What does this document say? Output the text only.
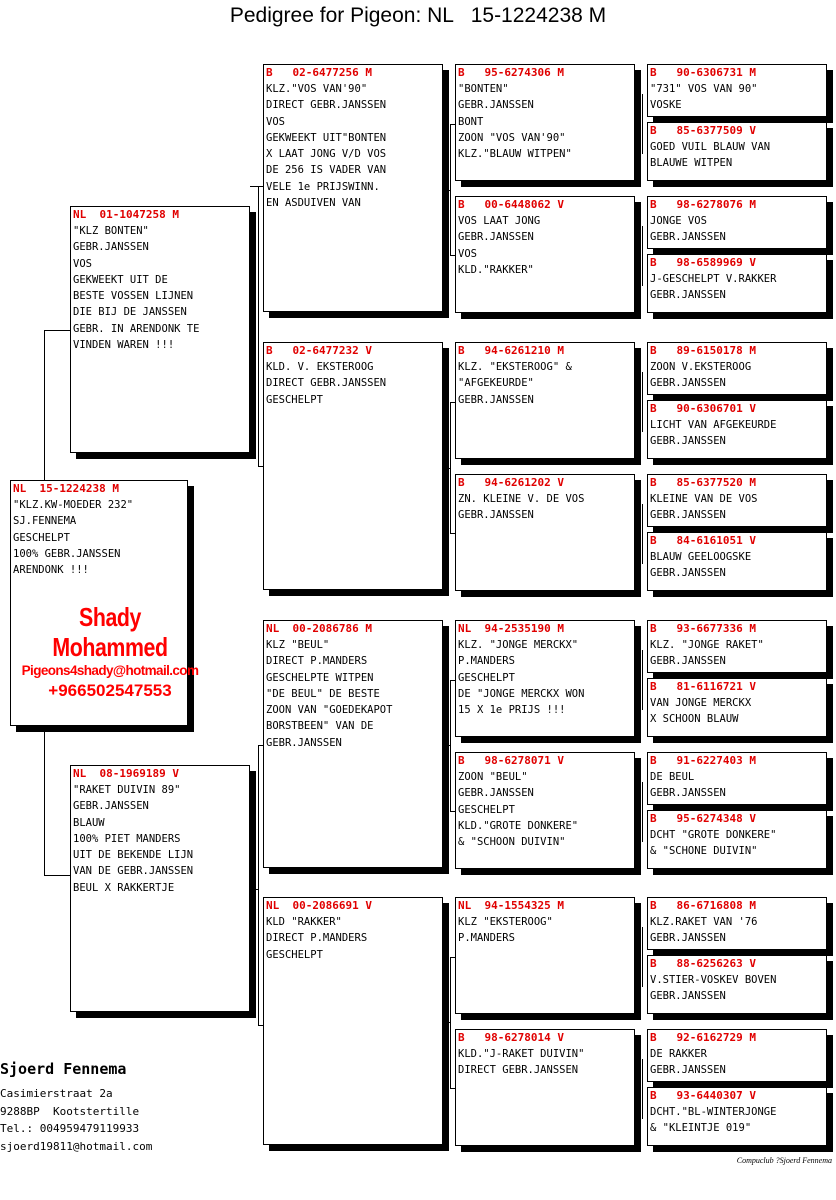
Pedigree for Pigeon: NL   15-1224238 M
NL  15-1224238 M
"KLZ.KW-MOEDER 232"
SJ.FENNEMA
GESCHELPT
100% GEBR.JANSSEN
ARENDONK !!!
Shady Mohammed
Pigeons4shady@hotmail.com
+966502547553
NL  01-1047258 M
"KLZ BONTEN"
GEBR.JANSSEN
VOS
GEKWEEKT UIT DE
BESTE VOSSEN LIJNEN
DIE BIJ DE JANSSEN
GEBR. IN ARENDONK TE
VINDEN WAREN !!!
NL  08-1969189 V
"RAKET DUIVIN 89"
GEBR.JANSSEN
BLAUW
100% PIET MANDERS
UIT DE BEKENDE LIJN
VAN DE GEBR.JANSSEN
BEUL X RAKKERTJE
B   02-6477256 M
KLZ."VOS VAN'90"
DIRECT GEBR.JANSSEN
VOS
GEKWEEKT UIT"BONTEN
X LAAT JONG V/D VOS
DE 256 IS VADER VAN
VELE 1e PRIJSWINN.
EN ASDUIVEN VAN
B   02-6477232 V
KLD. V. EKSTEROOG
DIRECT GEBR.JANSSEN
GESCHELPT
NL  00-2086786 M
KLZ "BEUL"
DIRECT P.MANDERS
GESCHELPTE WITPEN
"DE BEUL" DE BESTE
ZOON VAN "GOEDEKAPOT
BORSTBEEN" VAN DE
GEBR.JANSSEN
NL  00-2086691 V
KLD "RAKKER"
DIRECT P.MANDERS
GESCHELPT
B   95-6274306 M
"BONTEN"
GEBR.JANSSEN
BONT
ZOON "VOS VAN'90"
KLZ."BLAUW WITPEN"
B   00-6448062 V
VOS LAAT JONG
GEBR.JANSSEN
VOS
KLD."RAKKER"
B   94-6261210 M
KLZ. "EKSTEROOG" &
"AFGEKEURDE"
GEBR.JANSSEN
B   94-6261202 V
ZN. KLEINE V. DE VOS
GEBR.JANSSEN
NL  94-2535190 M
KLZ. "JONGE MERCKX"
P.MANDERS
GESCHELPT
DE "JONGE MERCKX WON
15 X 1e PRIJS !!!
B   98-6278071 V
ZOON "BEUL"
GEBR.JANSSEN
GESCHELPT
KLD."GROTE DONKERE"
& "SCHOON DUIVIN"
NL  94-1554325 M
KLZ "EKSTEROOG"
P.MANDERS
B   98-6278014 V
KLD."J-RAKET DUIVIN"
DIRECT GEBR.JANSSEN
B   90-6306731 M
"731" VOS VAN 90"
VOSKE
B   85-6377509 V
GOED VUIL BLAUW VAN
BLAUWE WITPEN
B   98-6278076 M
JONGE VOS
GEBR.JANSSEN
B   98-6589969 V
J-GESCHELPT V.RAKKER
GEBR.JANSSEN
B   89-6150178 M
ZOON V.EKSTEROOG
GEBR.JANSSEN
B   90-6306701 V
LICHT VAN AFGEKEURDE
GEBR.JANSSEN
B   85-6377520 M
KLEINE VAN DE VOS
GEBR.JANSSEN
B   84-6161051 V
BLAUW GEELOOGSKE
GEBR.JANSSEN
B   93-6677336 M
KLZ. "JONGE RAKET"
GEBR.JANSSEN
B   81-6116721 V
VAN JONGE MERCKX
X SCHOON BLAUW
B   91-6227403 M
DE BEUL
GEBR.JANSSEN
B   95-6274348 V
DCHT "GROTE DONKERE"
& "SCHONE DUIVIN"
B   86-6716808 M
KLZ.RAKET VAN '76
GEBR.JANSSEN
B   88-6256263 V
V.STIER-VOSKEV BOVEN
GEBR.JANSSEN
B   92-6162729 M
DE RAKKER
GEBR.JANSSEN
B   93-6440307 V
DCHT."BL-WINTERJONGE
& "KLEINTJE 019"
Sjoerd Fennema
Casimierstraat 2a
9288BP  Kootstertille
Tel.: 004959479119933
sjoerd19811@hotmail.com
Compuclub ?Sjoerd Fennema
